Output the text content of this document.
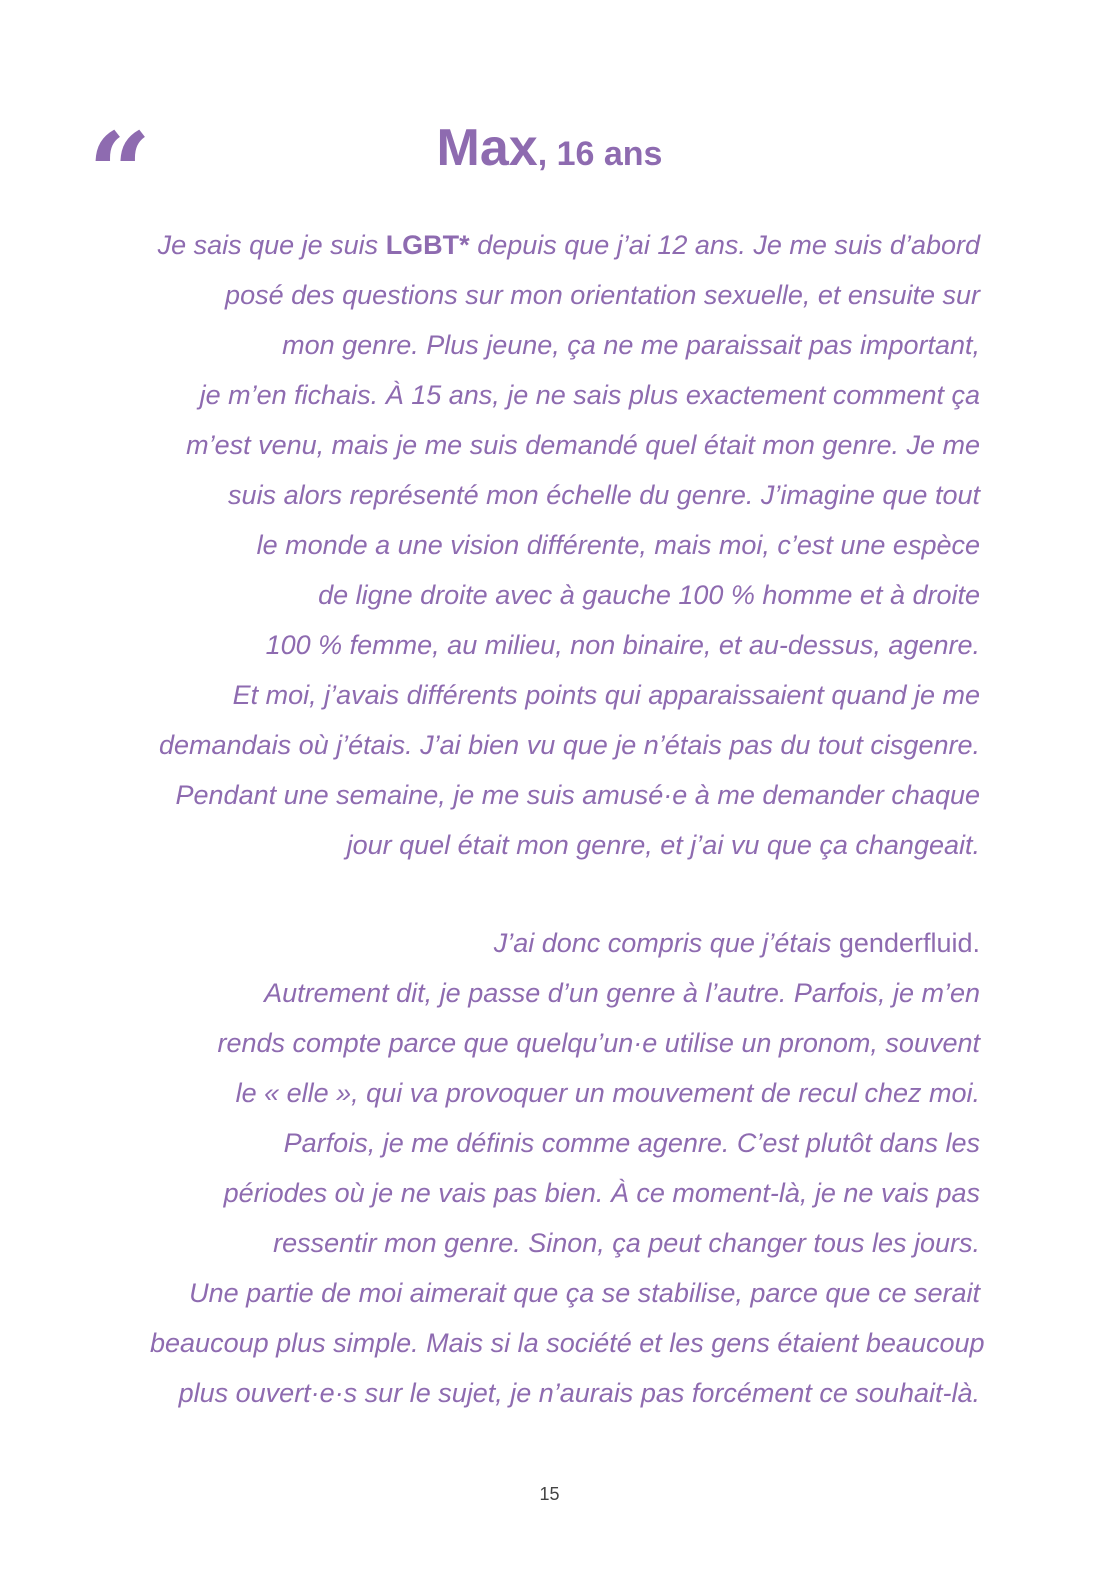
“	Max, 16 ans
Je sais que je suis LGBT* depuis que j’ai 12 ans. Je me suis d’abord
posé des questions sur mon orientation sexuelle, et ensuite sur
mon genre. Plus jeune, ça ne me paraissait pas important,
je m’en fichais. À 15 ans, je ne sais plus exactement comment ça
m’est venu, mais je me suis demandé quel était mon genre. Je me
suis alors représenté mon échelle du genre. J’imagine que tout
le monde a une vision différente, mais moi, c’est une espèce
de ligne droite avec à gauche 100 % homme et à droite
100 % femme, au milieu, non binaire, et au-dessus, agenre.
Et moi, j’avais différents points qui apparaissaient quand je me
demandais où j’étais. J’ai bien vu que je n’étais pas du tout cisgenre.
Pendant une semaine, je me suis amusé·e à me demander chaque
jour quel était mon genre, et j’ai vu que ça changeait.
J’ai donc compris que j’étais genderfluid.
Autrement dit, je passe d’un genre à l’autre. Parfois, je m’en
rends compte parce que quelqu’un·e utilise un pronom, souvent
le « elle », qui va provoquer un mouvement de recul chez moi.
Parfois, je me définis comme agenre. C’est plutôt dans les
périodes où je ne vais pas bien. À ce moment-là, je ne vais pas
ressentir mon genre. Sinon, ça peut changer tous les jours.
Une partie de moi aimerait que ça se stabilise, parce que ce serait
beaucoup plus simple. Mais si la société et les gens étaient beaucoup
plus ouvert·e·s sur le sujet, je n’aurais pas forcément ce souhait-là.
15
